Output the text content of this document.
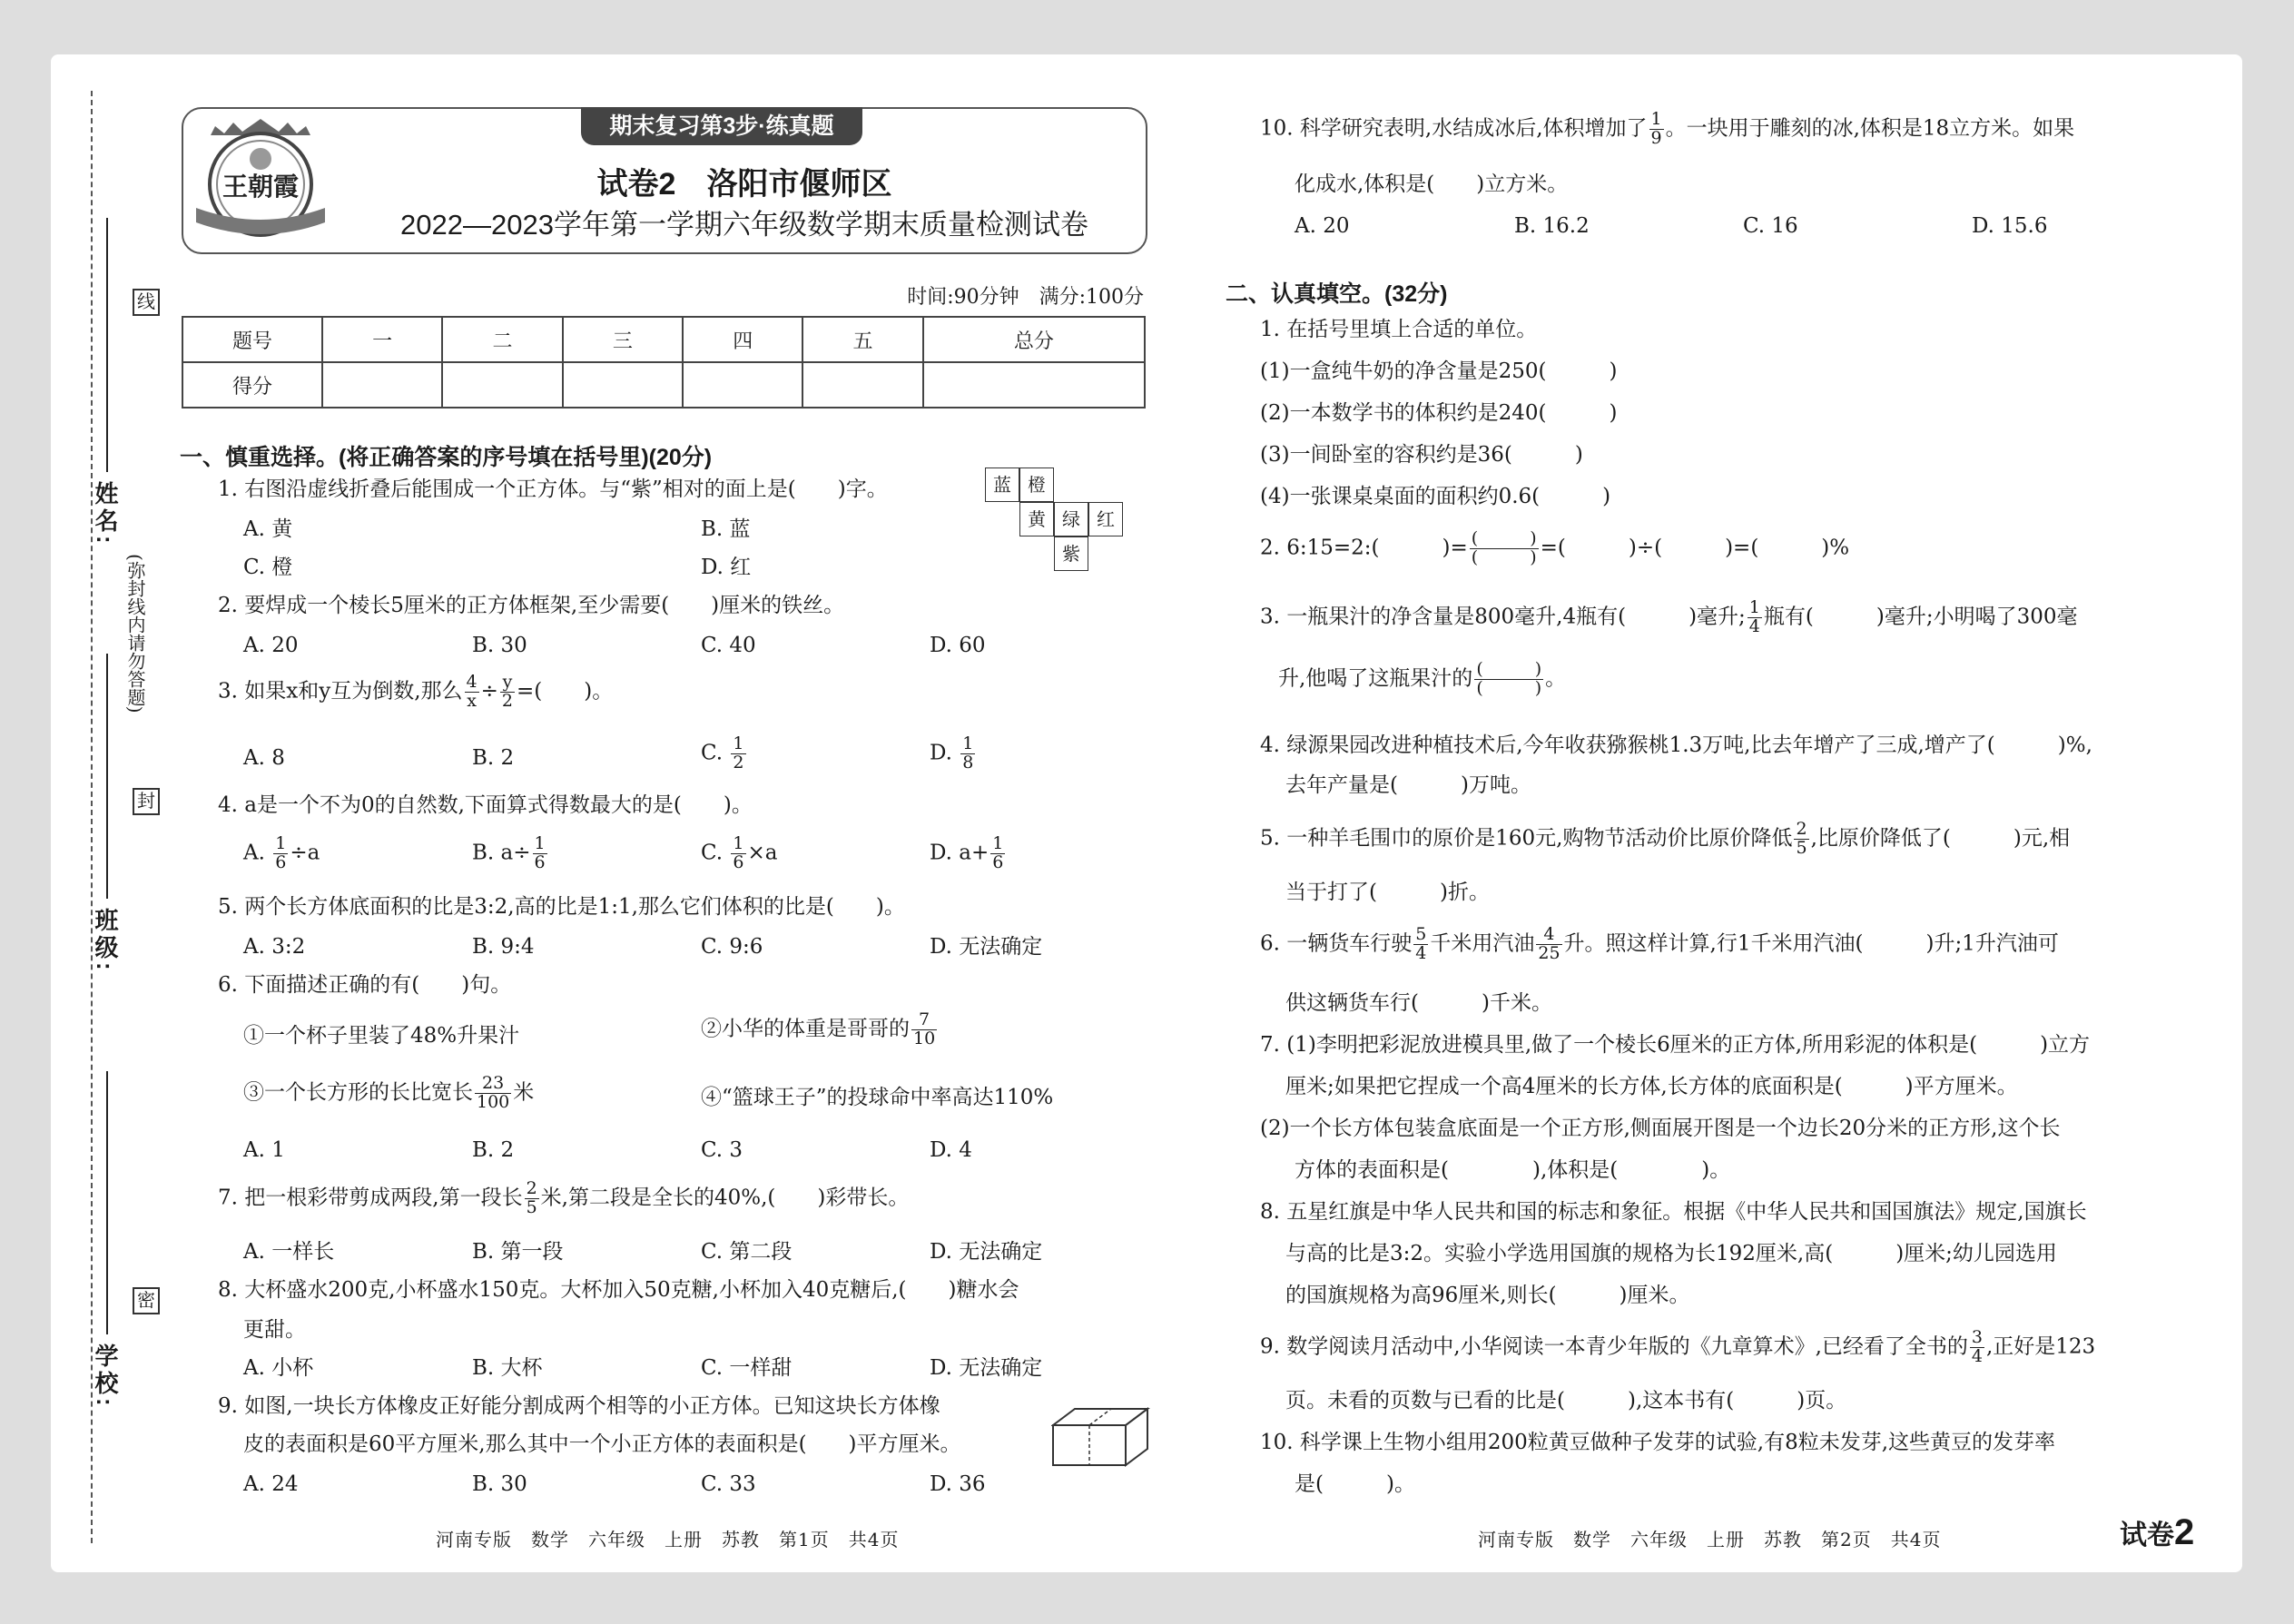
线
封
密
(弥封线内请勿答题)
姓名:
班级:
学校:
王朝霞
期末复习第3步·练真题
试卷2　洛阳市偃师区
2022—2023学年第一学期六年级数学期末质量检测试卷
时间:90分钟　满分:100分
题号	一	二	三	四	五	总分
得分						
一、慎重选择。(将正确答案的序号填在括号里)(20分)
1. 右图沿虚线折叠后能围成一个正方体。与“紫”相对的面上是(　　)字。
A. 黄	B. 蓝
C. 橙	D. 红
蓝 橙
黄 绿 红
紫
2. 要焊成一个棱长5厘米的正方体框架,至少需要(　　)厘米的铁丝。
A. 20	B. 30	C. 40	D. 60
3. 如果x和y互为倒数,那么 $\frac{4}{x} \div \frac{y}{2}$ =(　　)。
A. 8	B. 2	C. $\frac{1}{2}$	D. $\frac{1}{8}$
4. a是一个不为0的自然数,下面算式得数最大的是(　　)。
A. $\frac{1}{6} \div a$	B. $a\div \frac{1}{6}$	C. $\frac{1}{6} \times a$	D. $a+ \frac{1}{6}$
5. 两个长方体底面积的比是3:2,高的比是1:1,那么它们体积的比是(　　)。
A. 3:2	B. 9:4	C. 9:6	D. 无法确定
6. 下面描述正确的有(　　)句。
①一个杯子里装了48%升果汁	②小华的体重是哥哥的 $\frac{7}{10}$
③一个长方形的长比宽长 $\frac{23}{100}$ 米	④“篮球王子”的投球命中率高达110%
A. 1	B. 2	C. 3	D. 4
7. 把一根彩带剪成两段,第一段长 $\frac{2}{5}$ 米,第二段是全长的40%,(　　)彩带长。
A. 一样长	B. 第一段	C. 第二段	D. 无法确定
8. 大杯盛水200克,小杯盛水150克。大杯加入50克糖,小杯加入40克糖后,(　　)糖水会
更甜。
A. 小杯	B. 大杯	C. 一样甜	D. 无法确定
9. 如图,一块长方体橡皮正好能分割成两个相等的小正方体。已知这块长方体橡
皮的表面积是60平方厘米,那么其中一个小正方体的表面积是(　　)平方厘米。
A. 24	B. 30	C. 33	D. 36
10. 科学研究表明,水结成冰后,体积增加了 $\frac{1}{9}$ 。一块用于雕刻的冰,体积是18立方米。如果
化成水,体积是(　　)立方米。
A. 20	B. 16.2	C. 16	D. 15.6
二、认真填空。(32分)
1. 在括号里填上合适的单位。
(1)一盒纯牛奶的净含量是250(　　　)
(2)一本数学书的体积约是240(　　　)
(3)一间卧室的容积约是36(　　　)
(4)一张课桌桌面的面积约0.6(　　　)
2. 6:15=2:(　　　)= $\frac{( )}{( )}$ =(　　　)÷(　　　)=(　　　)%
3. 一瓶果汁的净含量是800毫升,4瓶有(　　　)毫升; $\frac{1}{4}$ 瓶有(　　　)毫升;小明喝了300毫
升,他喝了这瓶果汁的 $\frac{( )}{( )}$ 。
4. 绿源果园改进种植技术后,今年收获猕猴桃1.3万吨,比去年增产了三成,增产了(　　　)%,
去年产量是(　　　)万吨。
5. 一种羊毛围巾的原价是160元,购物节活动价比原价降低 $\frac{2}{5}$ ,比原价降低了(　　　)元,相
当于打了(　　　)折。
6. 一辆货车行驶 $\frac{5}{4}$ 千米用汽油 $\frac{4}{25}$ 升。照这样计算,行1千米用汽油(　　　)升;1升汽油可
供这辆货车行(　　　)千米。
7. (1)李明把彩泥放进模具里,做了一个棱长6厘米的正方体,所用彩泥的体积是(　　　)立方
厘米;如果把它捏成一个高4厘米的长方体,长方体的底面积是(　　　)平方厘米。
(2)一个长方体包装盒底面是一个正方形,侧面展开图是一个边长20分米的正方形,这个长
方体的表面积是(　　　　),体积是(　　　　)。
8. 五星红旗是中华人民共和国的标志和象征。根据《中华人民共和国国旗法》规定,国旗长
与高的比是3:2。实验小学选用国旗的规格为长192厘米,高(　　　)厘米;幼儿园选用
的国旗规格为高96厘米,则长(　　　)厘米。
9. 数学阅读月活动中,小华阅读一本青少年版的《九章算术》,已经看了全书的 $\frac{3}{4}$ ,正好是123
页。未看的页数与已看的比是(　　　),这本书有(　　　)页。
10. 科学课上生物小组用200粒黄豆做种子发芽的试验,有8粒未发芽,这些黄豆的发芽率
是(　　　)。
河南专版　数学　六年级　上册　苏教　第1页　共4页	河南专版　数学　六年级　上册　苏教　第2页　共4页	试卷2
